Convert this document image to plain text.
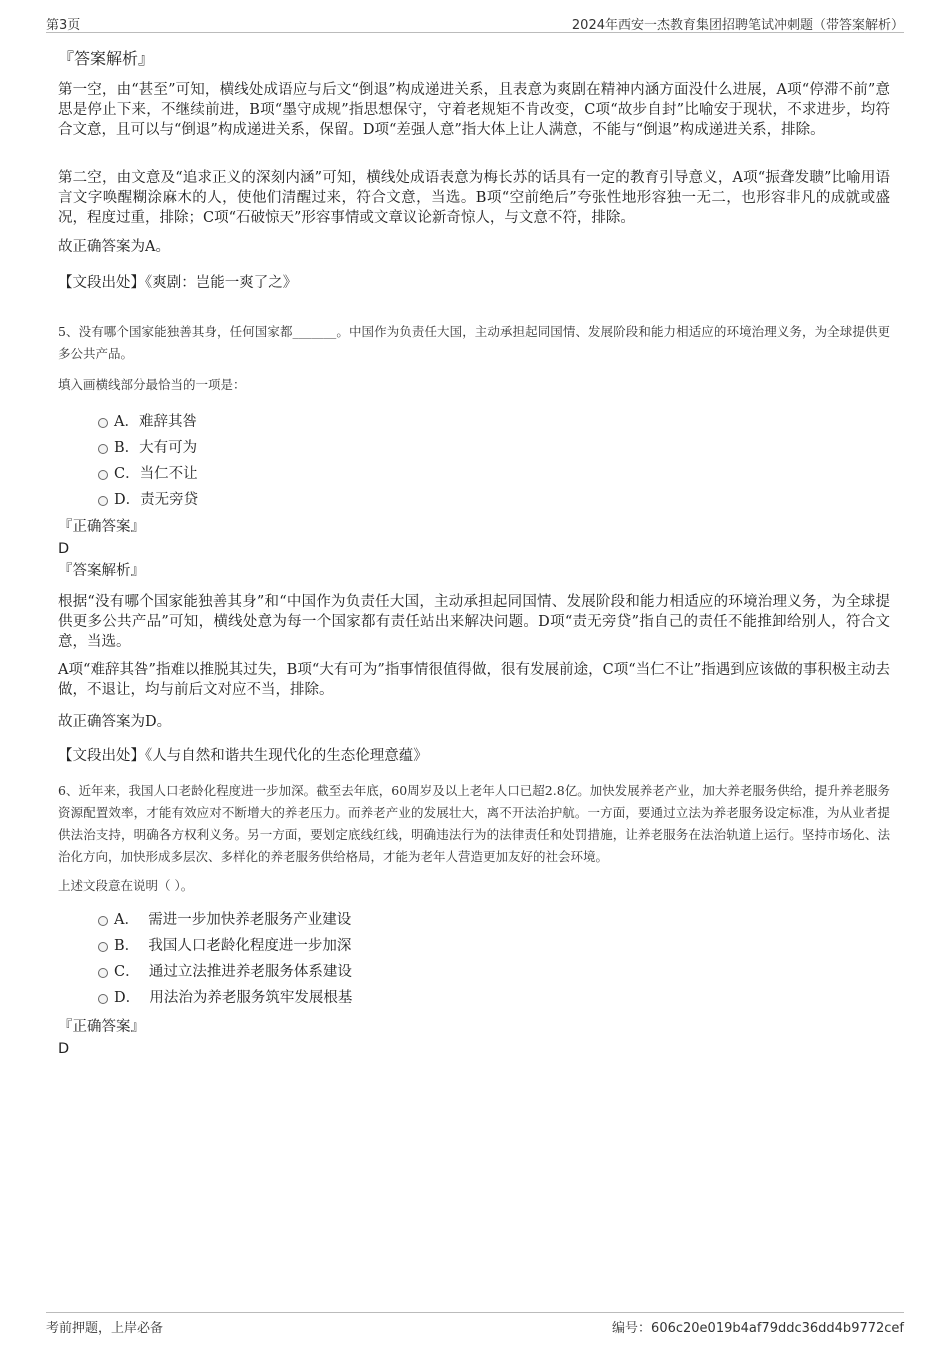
第3页	2024年西安一杰教育集团招聘笔试冲刺题（带答案解析）
『答案解析』

第一空，由“甚至”可知，横线处成语应与后文“倒退”构成递进关系，且表意为爽剧在精神内涵方面没什么进展，A项“停滞不前”意思是停止下来，不继续前进，B项“墨守成规”指思想保守，守着老规矩不肯改变，C项“故步自封”比喻安于现状，不求进步，均符合文意，且可以与“倒退”构成递进关系，保留。D项“差强人意”指大体上让人满意，不能与“倒退”构成递进关系，排除。

第二空，由文意及“追求正义的深刻内涵”可知，横线处成语表意为梅长苏的话具有一定的教育引导意义，A项“振聋发聩”比喻用语言文字唤醒糊涂麻木的人，使他们清醒过来，符合文意，当选。B项“空前绝后”夸张性地形容独一无二，也形容非凡的成就或盛况，程度过重，排除；C项“石破惊天”形容事情或文章议论新奇惊人，与文意不符，排除。

故正确答案为A。

【文段出处】《爽剧：岂能一爽了之》

5、没有哪个国家能独善其身，任何国家都_______。中国作为负责任大国，主动承担起同国情、发展阶段和能力相适应的环境治理义务，为全球提供更多公共产品。

填入画横线部分最恰当的一项是：
A．难辞其咎
B．大有可为
C．当仁不让
D．责无旁贷
『正确答案』
D
『答案解析』

根据“没有哪个国家能独善其身”和“中国作为负责任大国，主动承担起同国情、发展阶段和能力相适应的环境治理义务，为全球提供更多公共产品”可知，横线处意为每一个国家都有责任站出来解决问题。D项“责无旁贷”指自己的责任不能推卸给别人，符合文意，当选。

A项“难辞其咎”指难以推脱其过失，B项“大有可为”指事情很值得做，很有发展前途，C项“当仁不让”指遇到应该做的事积极主动去做，不退让，均与前后文对应不当，排除。

故正确答案为D。

【文段出处】《人与自然和谐共生现代化的生态伦理意蕴》

6、近年来，我国人口老龄化程度进一步加深。截至去年底，60周岁及以上老年人口已超2.8亿。加快发展养老产业，加大养老服务供给，提升养老服务资源配置效率，才能有效应对不断增大的养老压力。而养老产业的发展壮大，离不开法治护航。一方面，要通过立法为养老服务设定标准，为从业者提供法治支持，明确各方权利义务。另一方面，要划定底线红线，明确违法行为的法律责任和处罚措施，让养老服务在法治轨道上运行。坚持市场化、法治化方向，加快形成多层次、多样化的养老服务供给格局，才能为老年人营造更加友好的社会环境。

上述文段意在说明（ ）。
A． 需进一步加快养老服务产业建设
B． 我国人口老龄化程度进一步加深
C． 通过立法推进养老服务体系建设
D． 用法治为养老服务筑牢发展根基
『正确答案』
D
考前押题，上岸必备	编号：606c20e019b4af79ddc36dd4b9772cef
